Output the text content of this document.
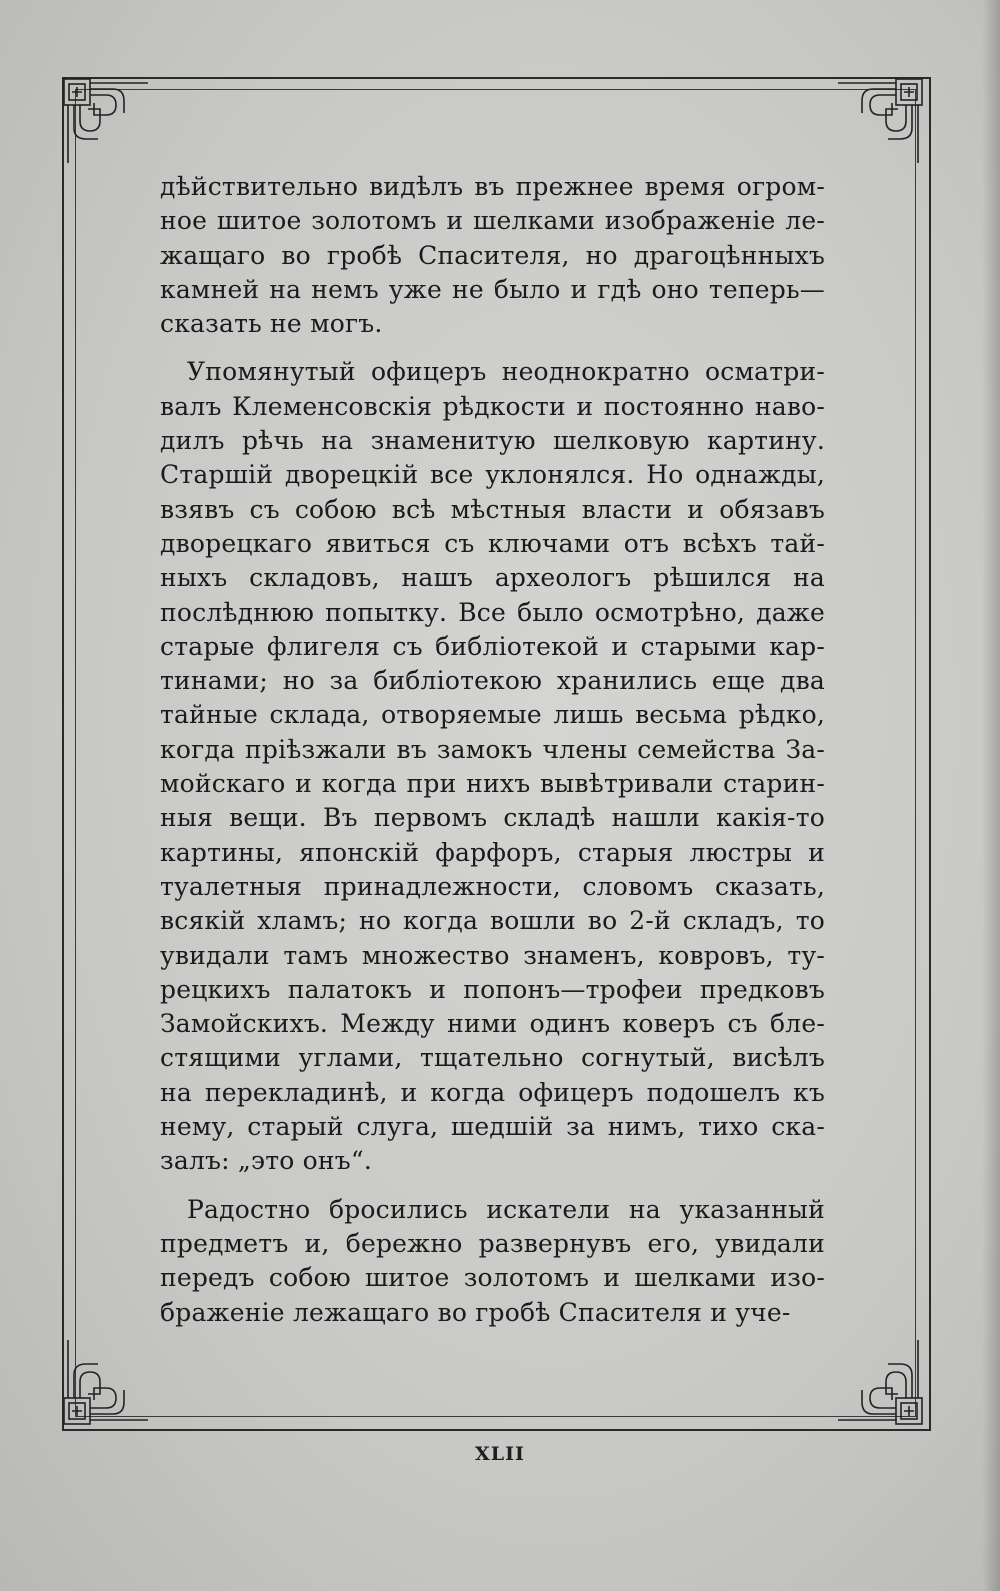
дѣйствительно видѣлъ въ прежнее время огром-
ное шитое золотомъ и шелками изображенiе ле-
жащаго во гробѣ Спасителя, но драгоцѣнныхъ
камней на немъ уже не было и гдѣ оно теперь—
сказать не могъ.
Упомянутый офицеръ неоднократно осматри-
валъ Клеменсовскiя рѣдкости и постоянно наво-
дилъ рѣчь на знаменитую шелковую картину.
Старшiй дворецкiй все уклонялся. Но однажды,
взявъ съ собою всѣ мѣстныя власти и обязавъ
дворецкаго явиться съ ключами отъ всѣхъ тай-
ныхъ складовъ, нашъ археологъ рѣшился на
послѣднюю попытку. Все было осмотрѣно, даже
старые флигеля съ библiотекой и старыми кар-
тинами; но за библiотекою хранились еще два
тайные склада, отворяемые лишь весьма рѣдко,
когда прiѣзжали въ замокъ члены семейства За-
мойскаго и когда при нихъ вывѣтривали старин-
ныя вещи. Въ первомъ складѣ нашли какiя-то
картины, японскiй фарфоръ, старыя люстры и
туалетныя принадлежности, словомъ сказать,
всякiй хламъ; но когда вошли во 2-й складъ, то
увидали тамъ множество знаменъ, ковровъ, ту-
рецкихъ палатокъ и попонъ—трофеи предковъ
Замойскихъ. Между ними одинъ коверъ съ бле-
стящими углами, тщательно согнутый, висѣлъ
на перекладинѣ, и когда офицеръ подошелъ къ
нему, старый слуга, шедшiй за нимъ, тихо ска-
залъ: „это онъ“.
Радостно бросились искатели на указанный
предметъ и, бережно развернувъ его, увидали
передъ собою шитое золотомъ и шелками изо-
браженiе лежащаго во гробѣ Спасителя и уче-
XLII
